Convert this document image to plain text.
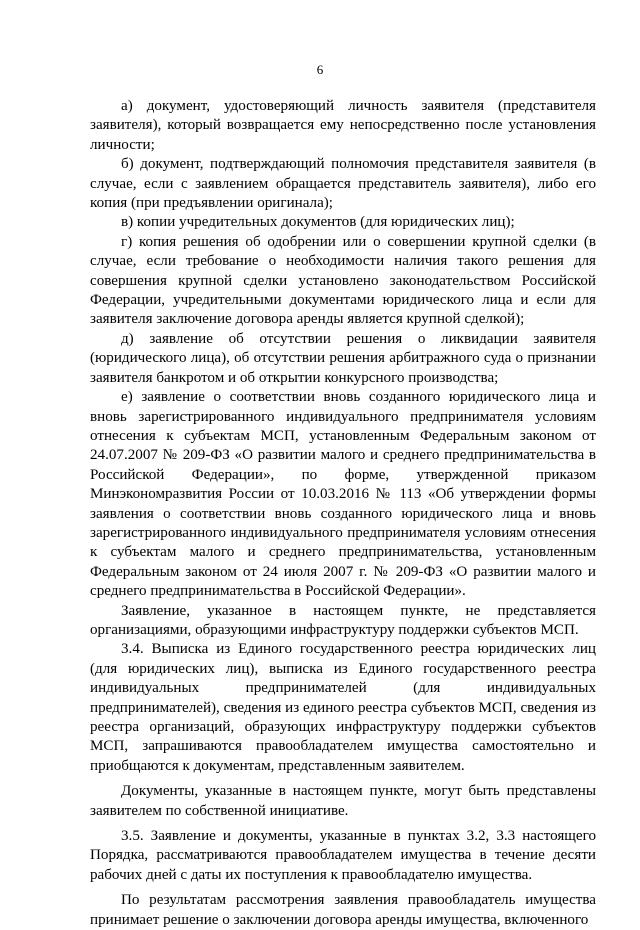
6

а) документ, удостоверяющий личность заявителя (представителя заявителя), который возвращается ему непосредственно после установления личности;

б) документ, подтверждающий полномочия представителя заявителя (в случае, если с заявлением обращается представитель заявителя), либо его копия (при предъявлении оригинала);

в) копии учредительных документов (для юридических лиц);

г) копия решения об одобрении или о совершении крупной сделки (в случае, если требование о необходимости наличия такого решения для совершения крупной сделки установлено законодательством Российской Федерации, учредительными документами юридического лица и если для заявителя заключение договора аренды является крупной сделкой);

д) заявление об отсутствии решения о ликвидации заявителя (юридического лица), об отсутствии решения арбитражного суда о признании заявителя банкротом и об открытии конкурсного производства;

е) заявление о соответствии вновь созданного юридического лица и вновь зарегистрированного индивидуального предпринимателя условиям отнесения к субъектам МСП, установленным Федеральным законом от 24.07.2007 № 209-ФЗ «О развитии малого и среднего предпринимательства в Российской Федерации», по форме, утвержденной приказом Минэкономразвития России от 10.03.2016 № 113 «Об утверждении формы заявления о соответствии вновь созданного юридического лица и вновь зарегистрированного индивидуального предпринимателя условиям отнесения к субъектам малого и среднего предпринимательства, установленным Федеральным законом от 24 июля 2007 г. № 209-ФЗ «О развитии малого и среднего предпринимательства в Российской Федерации».

Заявление, указанное в настоящем пункте, не представляется организациями, образующими инфраструктуру поддержки субъектов МСП.

3.4. Выписка из Единого государственного реестра юридических лиц (для юридических лиц), выписка из Единого государственного реестра индивидуальных предпринимателей (для индивидуальных предпринимателей), сведения из единого реестра субъектов МСП, сведения из реестра организаций, образующих инфраструктуру поддержки субъектов МСП, запрашиваются правообладателем имущества самостоятельно и приобщаются к документам, представленным заявителем.

Документы, указанные в настоящем пункте, могут быть представлены заявителем по собственной инициативе.

3.5. Заявление и документы, указанные в пунктах 3.2, 3.3 настоящего Порядка, рассматриваются правообладателем имущества в течение десяти рабочих дней с даты их поступления к правообладателю имущества.

По результатам рассмотрения заявления правообладатель имущества принимает решение о заключении договора аренды имущества, включенного
